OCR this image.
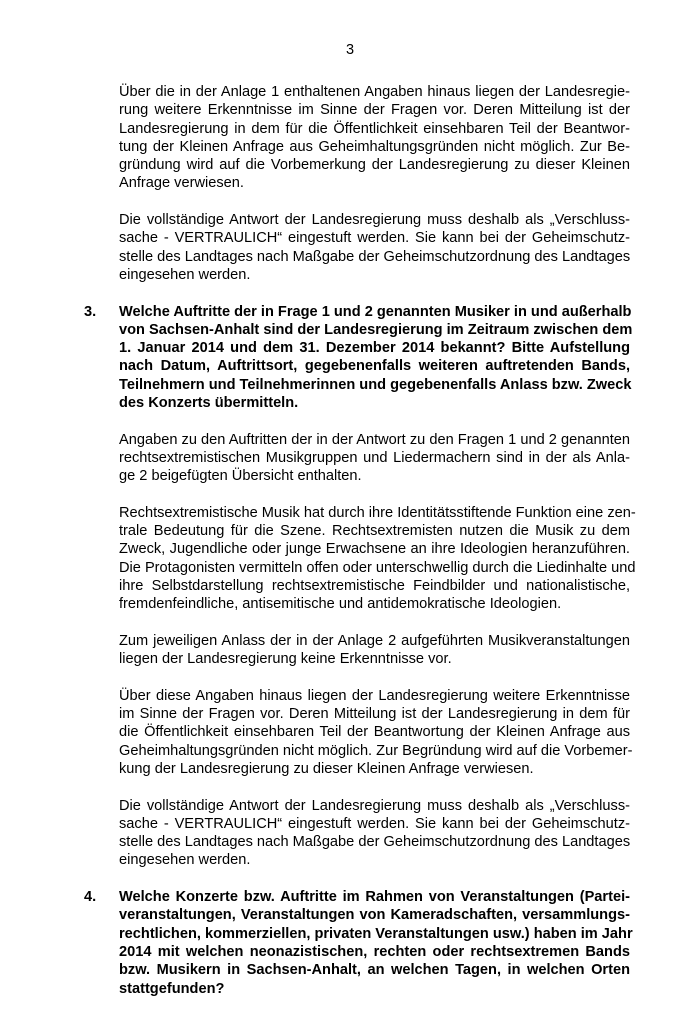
3
Über die in der Anlage 1 enthaltenen Angaben hinaus liegen der Landesregie-
rung weitere Erkenntnisse im Sinne der Fragen vor. Deren Mitteilung ist der
Landesregierung in dem für die Öffentlichkeit einsehbaren Teil der Beantwor-
tung der Kleinen Anfrage aus Geheimhaltungsgründen nicht möglich. Zur Be-
gründung wird auf die Vorbemerkung der Landesregierung zu dieser Kleinen
Anfrage verwiesen.
Die vollständige Antwort der Landesregierung muss deshalb als „Verschluss-
sache - VERTRAULICH“ eingestuft werden. Sie kann bei der Geheimschutz-
stelle des Landtages nach Maßgabe der Geheimschutzordnung des Landtages
eingesehen werden.
3.	Welche Auftritte der in Frage 1 und 2 genannten Musiker in und außerhalb
von Sachsen-Anhalt sind der Landesregierung im Zeitraum zwischen dem
1. Januar 2014 und dem 31. Dezember 2014 bekannt? Bitte Aufstellung
nach Datum, Auftrittsort, gegebenenfalls weiteren auftretenden Bands,
Teilnehmern und Teilnehmerinnen und gegebenenfalls Anlass bzw. Zweck
des Konzerts übermitteln.
Angaben zu den Auftritten der in der Antwort zu den Fragen 1 und 2 genannten
rechtsextremistischen Musikgruppen und Liedermachern sind in der als Anla-
ge 2 beigefügten Übersicht enthalten.
Rechtsextremistische Musik hat durch ihre Identitätsstiftende Funktion eine zen-
trale Bedeutung für die Szene. Rechtsextremisten nutzen die Musik zu dem
Zweck, Jugendliche oder junge Erwachsene an ihre Ideologien heranzuführen.
Die Protagonisten vermitteln offen oder unterschwellig durch die Liedinhalte und
ihre Selbstdarstellung rechtsextremistische Feindbilder und nationalistische,
fremdenfeindliche, antisemitische und antidemokratische Ideologien.
Zum jeweiligen Anlass der in der Anlage 2 aufgeführten Musikveranstaltungen
liegen der Landesregierung keine Erkenntnisse vor.
Über diese Angaben hinaus liegen der Landesregierung weitere Erkenntnisse
im Sinne der Fragen vor. Deren Mitteilung ist der Landesregierung in dem für
die Öffentlichkeit einsehbaren Teil der Beantwortung der Kleinen Anfrage aus
Geheimhaltungsgründen nicht möglich. Zur Begründung wird auf die Vorbemer-
kung der Landesregierung zu dieser Kleinen Anfrage verwiesen.
Die vollständige Antwort der Landesregierung muss deshalb als „Verschluss-
sache - VERTRAULICH“ eingestuft werden. Sie kann bei der Geheimschutz-
stelle des Landtages nach Maßgabe der Geheimschutzordnung des Landtages
eingesehen werden.
4.	Welche Konzerte bzw. Auftritte im Rahmen von Veranstaltungen (Partei-
veranstaltungen, Veranstaltungen von Kameradschaften, versammlungs-
rechtlichen, kommerziellen, privaten Veranstaltungen usw.) haben im Jahr
2014 mit welchen neonazistischen, rechten oder rechtsextremen Bands
bzw. Musikern in Sachsen-Anhalt, an welchen Tagen, in welchen Orten
stattgefunden?
